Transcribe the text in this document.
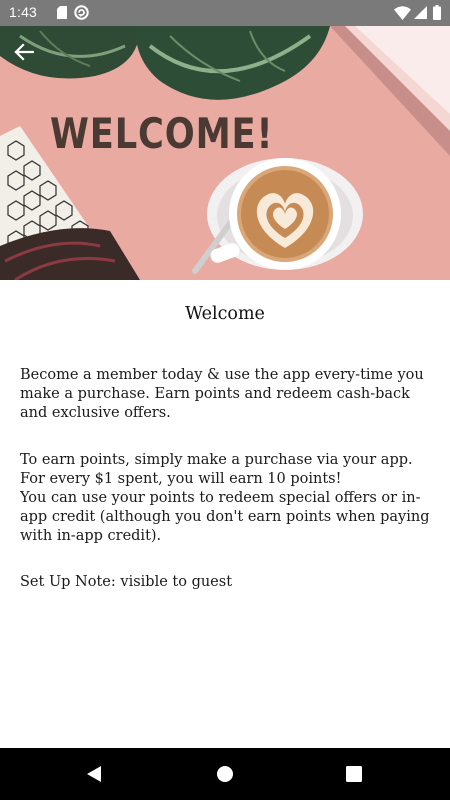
1:43
WELCOME!
Welcome
Become a member today & use the app every-time you make a purchase. Earn points and redeem cash-back and exclusive offers.
To earn points, simply make a purchase via your app.
For every $1 spent, you will earn 10 points!
You can use your points to redeem special offers or in-app credit (although you don't earn points when paying with in-app credit).
Set Up Note: visible to guest
